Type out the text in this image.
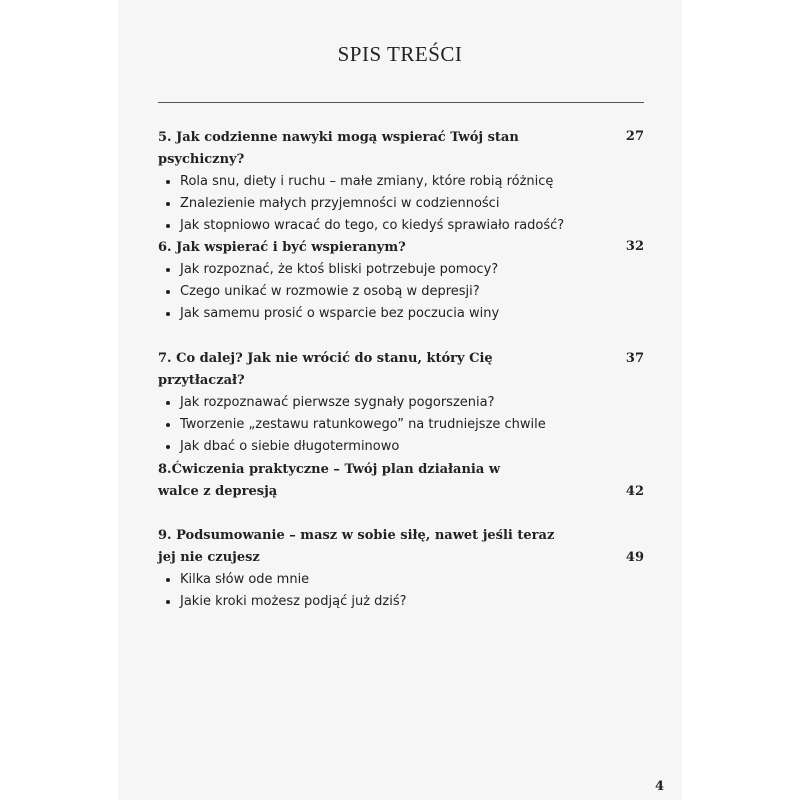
SPIS TREŚCI
27
5. Jak codzienne nawyki mogą wspierać Twój stan psychiczny?
Rola snu, diety i ruchu – małe zmiany, które robią różnicę
Znalezienie małych przyjemności w codzienności
Jak stopniowo wracać do tego, co kiedyś sprawiało radość?
32
6. Jak wspierać i być wspieranym?
Jak rozpoznać, że ktoś bliski potrzebuje pomocy?
Czego unikać w rozmowie z osobą w depresji?
Jak samemu prosić o wsparcie bez poczucia winy
37
7. Co dalej? Jak nie wrócić do stanu, który Cię przytłaczał?
Jak rozpoznawać pierwsze sygnały pogorszenia?
Tworzenie „zestawu ratunkowego” na trudniejsze chwile
Jak dbać o siebie długoterminowo
42
8.Ćwiczenia praktyczne – Twój plan działania w walce z depresją
49
9. Podsumowanie – masz w sobie siłę, nawet jeśli teraz jej nie czujesz
Kilka słów ode mnie
Jakie kroki możesz podjąć już dziś?
4
